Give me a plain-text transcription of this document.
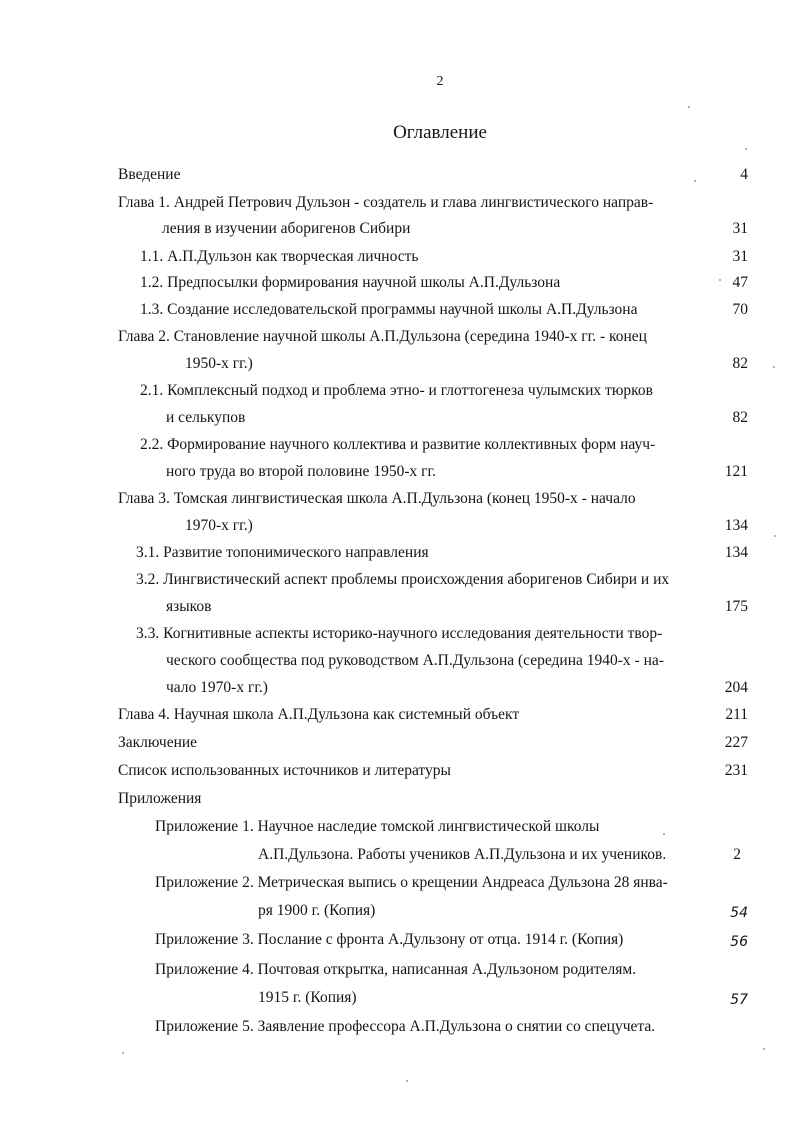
2
Оглавление
Введение	4
Глава 1. Андрей Петрович Дульзон - создатель и глава лингвистического направ-
ления в изучении аборигенов Сибири	31
1.1. А.П.Дульзон как творческая личность	31
1.2. Предпосылки формирования научной школы А.П.Дульзона	47
1.3. Создание исследовательской программы научной школы А.П.Дульзона	70
Глава 2. Становление научной школы А.П.Дульзона (середина 1940-х гг. - конец
1950-х гг.)	82
2.1. Комплексный подход и проблема этно- и глоттогенеза чулымских тюрков
и селькупов	82
2.2. Формирование научного коллектива и развитие коллективных форм науч-
ного труда во второй половине 1950-х гг.	121
Глава 3. Томская лингвистическая школа А.П.Дульзона (конец 1950-х - начало
1970-х гг.)	134
3.1. Развитие топонимического направления	134
3.2. Лингвистический аспект проблемы происхождения аборигенов Сибири и их
языков	175
3.3. Когнитивные аспекты историко-научного исследования деятельности твор-
ческого сообщества под руководством А.П.Дульзона (середина 1940-х - на-
чало 1970-х гг.)	204
Глава 4. Научная школа А.П.Дульзона как системный объект	211
Заключение	227
Список использованных источников и литературы	231
Приложения
Приложение 1. Научное наследие томской лингвистической школы
А.П.Дульзона. Работы учеников А.П.Дульзона и их учеников.	2
Приложение 2. Метрическая выпись о крещении Андреаса Дульзона 28 янва-
ря 1900 г. (Копия)	54
Приложение 3. Послание с фронта А.Дульзону от отца. 1914 г. (Копия)	56
Приложение 4. Почтовая открытка, написанная А.Дульзоном родителям.
1915 г. (Копия)	57
Приложение 5. Заявление профессора А.П.Дульзона о снятии со спецучета.
